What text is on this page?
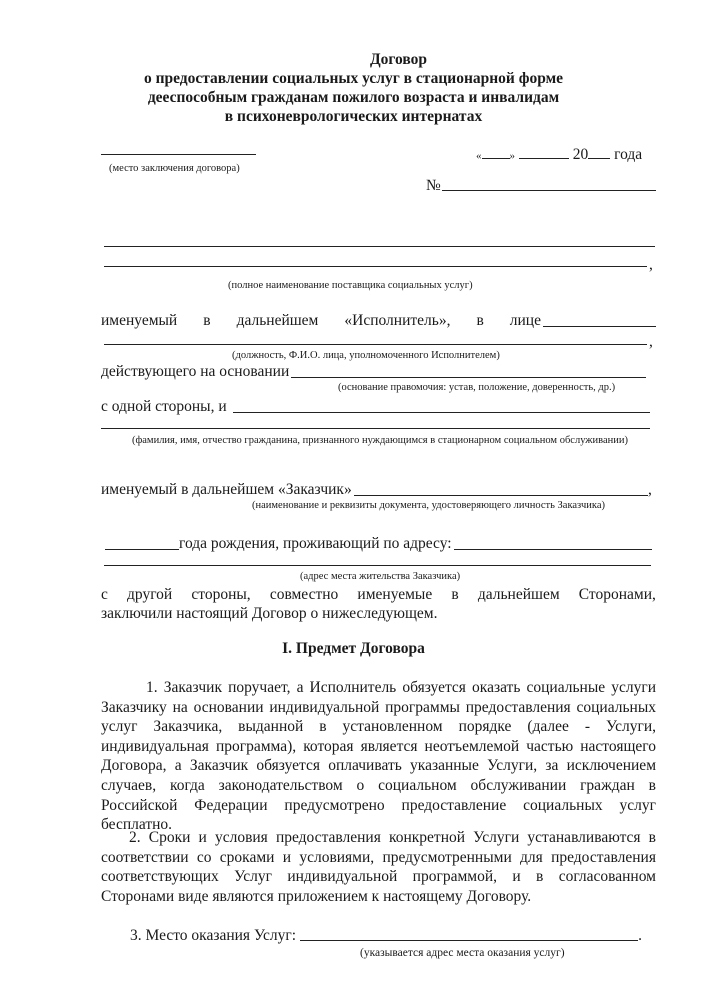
Договор
о предоставлении социальных услуг в стационарной форме
дееспособным гражданам пожилого возраста и инвалидам
в психоневрологических интернатах
(место заключения договора)
«	»	20 года
№
,
(полное наименование поставщика социальных услуг)
именуемый в дальнейшем «Исполнитель», в лице
,
(должность, Ф.И.О. лица, уполномоченного Исполнителем)
действующего на основании
(основание правомочия: устав, положение, доверенность, др.)
с одной стороны, и
(фамилия, имя, отчество гражданина, признанного нуждающимся в стационарном социальном обслуживании)
именуемый в дальнейшем «Заказчик»	,
(наименование и реквизиты документа, удостоверяющего личность Заказчика)
года рождения, проживающий по адресу:
(адрес места жительства Заказчика)
с другой стороны, совместно именуемые в дальнейшем Сторонами,
заключили настоящий Договор о нижеследующем.
I. Предмет Договора
1. Заказчик поручает, а Исполнитель обязуется оказать социальные услуги Заказчику на основании индивидуальной программы предоставления социальных услуг Заказчика, выданной в установленном порядке (далее - Услуги, индивидуальная программа), которая является неотъемлемой частью настоящего Договора, а Заказчик обязуется оплачивать указанные Услуги, за исключением случаев, когда законодательством о социальном обслуживании граждан в Российской Федерации предусмотрено предоставление социальных услуг бесплатно.
2. Сроки и условия предоставления конкретной Услуги устанавливаются в соответствии со сроками и условиями, предусмотренными для предоставления соответствующих Услуг индивидуальной программой, и в согласованном Сторонами виде являются приложением к настоящему Договору.
3. Место оказания Услуг:	.
(указывается адрес места оказания услуг)
